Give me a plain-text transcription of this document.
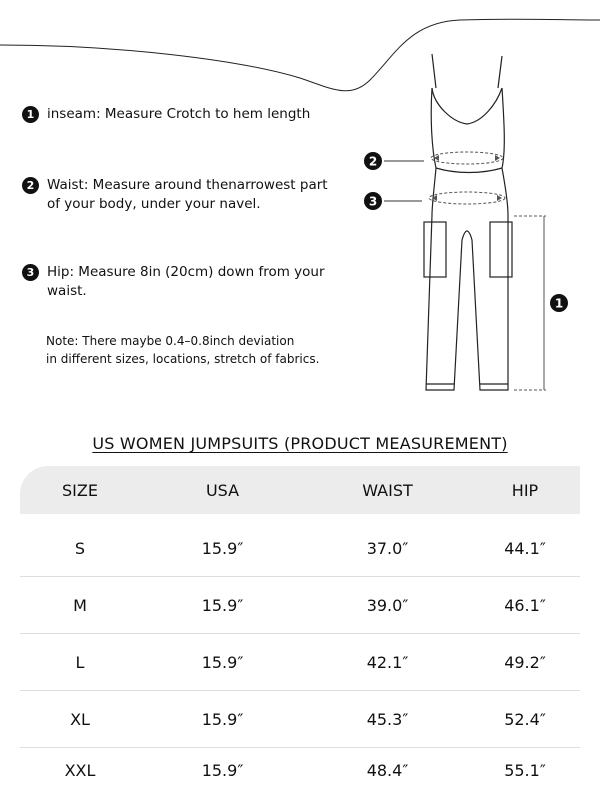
1 inseam: Measure Crotch to hem length
2 Waist: Measure around thenarrowest part
of your body, under your navel.
3 Hip: Measure 8in (20cm) down from your
waist.
Note: There maybe 0.4–0.8inch deviation
in different sizes, locations, stretch of fabrics.
2
3
1
US WOMEN JUMPSUITS (PRODUCT MEASUREMENT)
SIZE	USA	WAIST	HIP
S	15.9″	37.0″	44.1″
M	15.9″	39.0″	46.1″
L	15.9″	42.1″	49.2″
XL	15.9″	45.3″	52.4″
XXL	15.9″	48.4″	55.1″
